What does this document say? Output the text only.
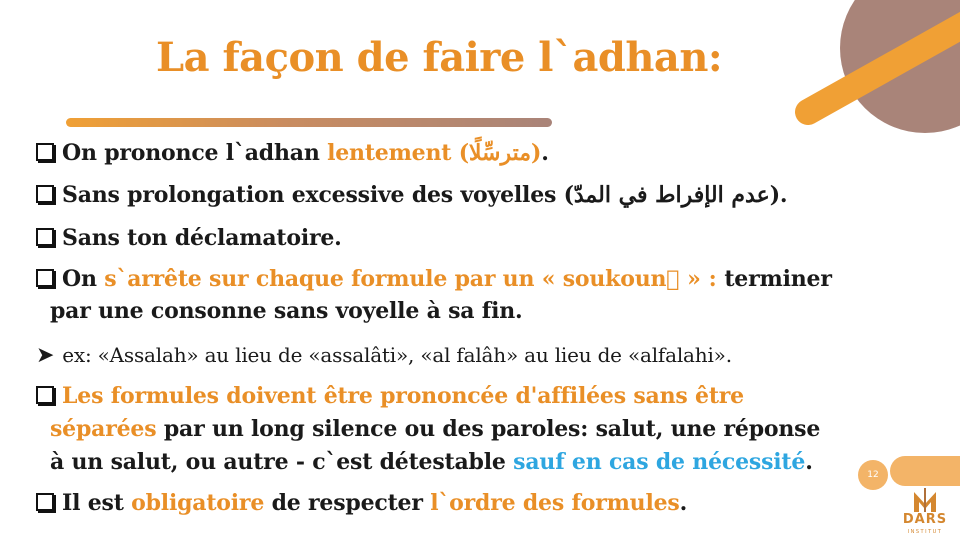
La façon de faire l`adhan:
On prononce l`adhan lentement (مترسِّلًا).
Sans prolongation excessive des voyelles (عدم الإفراط في المدّ).
Sans ton déclamatoire.
On s`arrête sur chaque formule par un « soukoun » : terminer
par une consonne sans voyelle à sa fin.
➤ ex: «Assalah» au lieu de «assalâti», «al falâh» au lieu de «alfalahi».
Les formules doivent être prononcée d'affilées sans être
séparées par un long silence ou des paroles: salut, une réponse
à un salut, ou autre - c`est détestable sauf en cas de nécessité.
Il est obligatoire de respecter l`ordre des formules.
12
DARS
INSTITUT
